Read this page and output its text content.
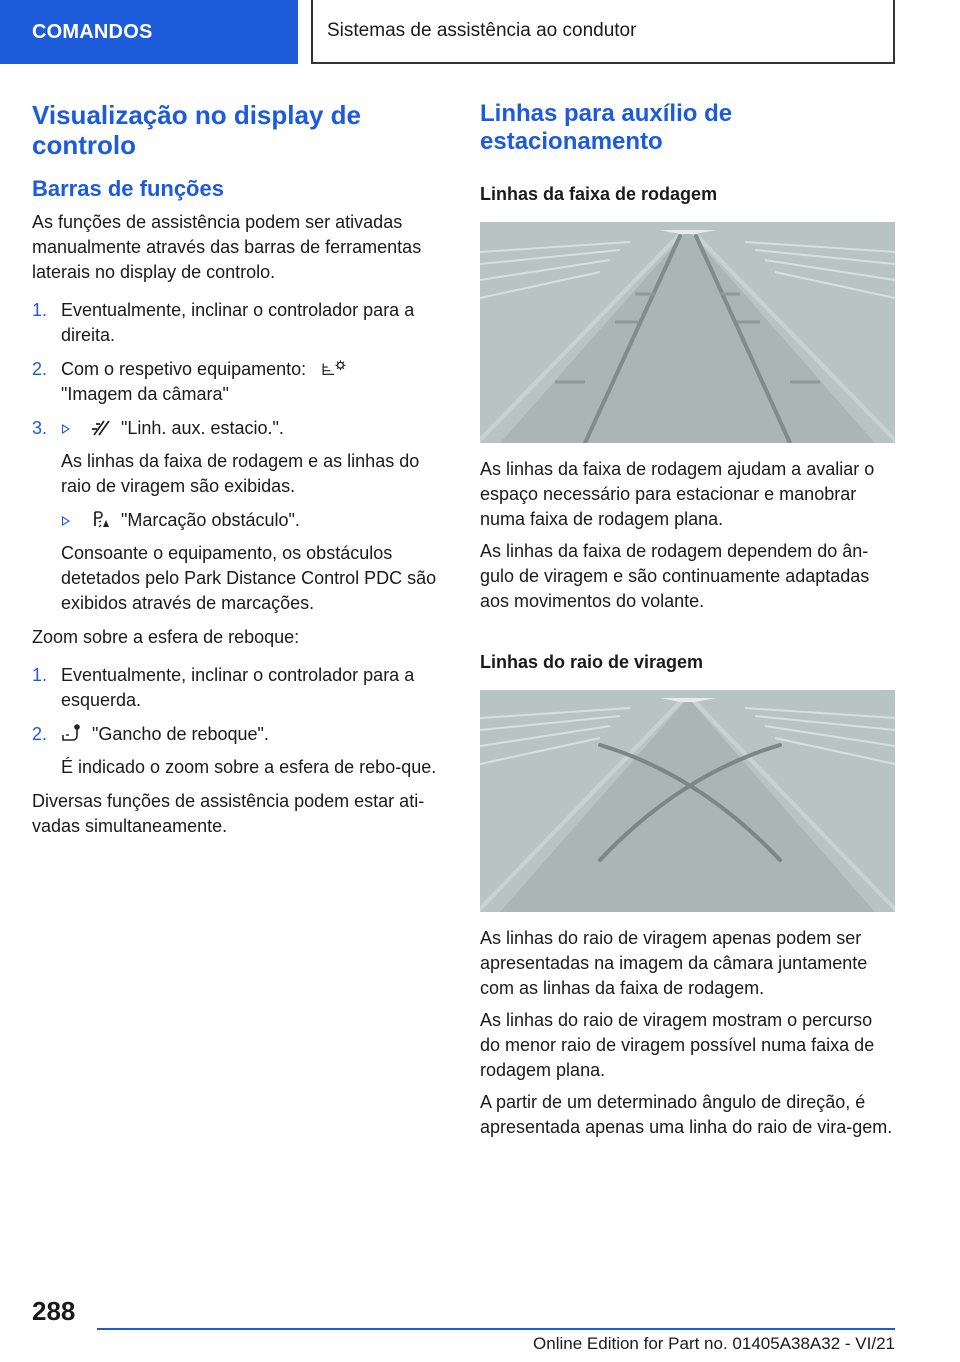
COMANDOS	Sistemas de assistência ao condutor
Visualização no display de controlo
Barras de funções

As funções de assistência podem ser ativadas manualmente através das barras de ferramentas laterais no display de controlo.

1. Eventualmente, inclinar o controlador para a direita.
2. Com o respetivo equipamento:
"Imagem da câmara"
3.	"Linh. aux. estacio.".

As linhas da faixa de rodagem e as linhas do raio de viragem são exibidas.

"Marcação obstáculo".

Consoante o equipamento, os obstáculos detetados pelo Park Distance Control PDC são exibidos através de marcações.

Zoom sobre a esfera de reboque:

1. Eventualmente, inclinar o controlador para a esquerda.
2.	"Gancho de reboque".

É indicado o zoom sobre a esfera de rebo‐que.

Diversas funções de assistência podem estar ati‐vadas simultaneamente.

Linhas para auxílio de estacionamento
Linhas da faixa de rodagem

As linhas da faixa de rodagem ajudam a avaliar o espaço necessário para estacionar e manobrar numa faixa de rodagem plana.

As linhas da faixa de rodagem dependem do ân‐gulo de viragem e são continuamente adaptadas aos movimentos do volante.

Linhas do raio de viragem

As linhas do raio de viragem apenas podem ser apresentadas na imagem da câmara juntamente com as linhas da faixa de rodagem.

As linhas do raio de viragem mostram o percurso do menor raio de viragem possível numa faixa de rodagem plana.

A partir de um determinado ângulo de direção, é apresentada apenas uma linha do raio de vira‐gem.

288
Online Edition for Part no. 01405A38A32 - VI/21
